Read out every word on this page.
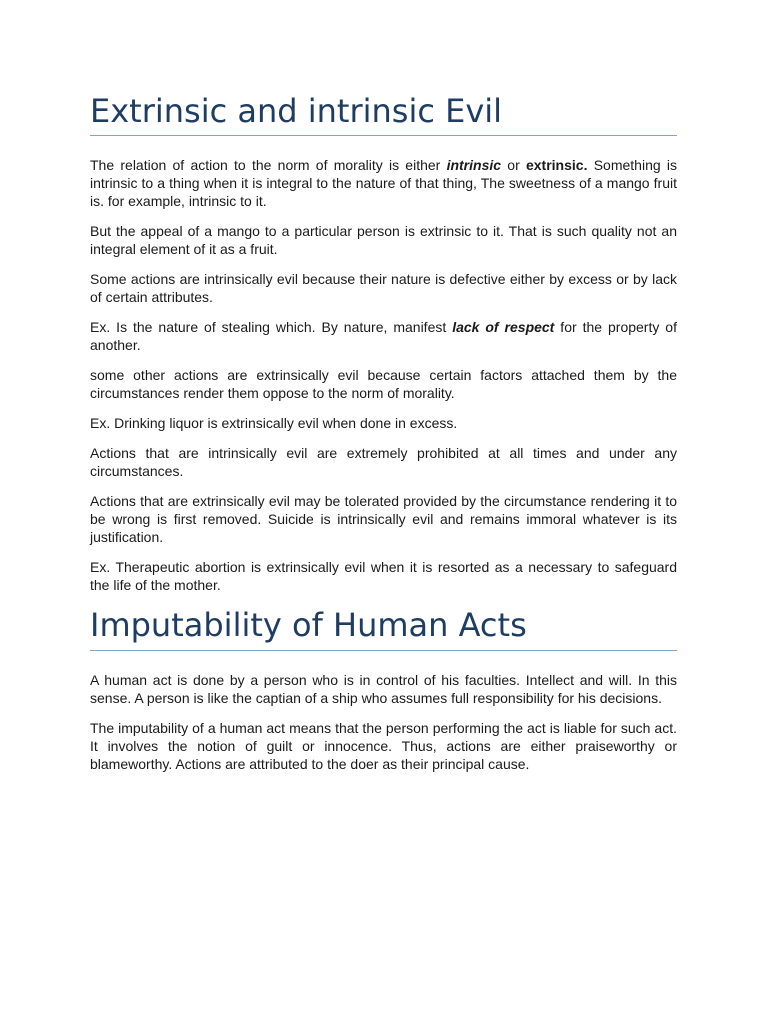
Extrinsic and intrinsic Evil

The relation of action to the norm of morality is either intrinsic or extrinsic. Something is intrinsic to a thing when it is integral to the nature of that thing, The sweetness of a mango fruit is. for example, intrinsic to it.

But the appeal of a mango to a particular person is extrinsic to it. That is such quality not an integral element of it as a fruit.

Some actions are intrinsically evil because their nature is defective either by excess or by lack of certain attributes.

Ex. Is the nature of stealing which. By nature, manifest lack of respect for the property of another.

some other actions are extrinsically evil because certain factors attached them by the circumstances render them oppose to the norm of morality.

Ex. Drinking liquor is extrinsically evil when done in excess.

Actions that are intrinsically evil are extremely prohibited at all times and under any circumstances.

Actions that are extrinsically evil may be tolerated provided by the circumstance rendering it to be wrong is first removed. Suicide is intrinsically evil and remains immoral whatever is its justification.

Ex. Therapeutic abortion is extrinsically evil when it is resorted as a necessary to safeguard the life of the mother.

Imputability of Human Acts

A human act is done by a person who is in control of his faculties. Intellect and will. In this sense. A person is like the captian of a ship who assumes full responsibility for his decisions.

The imputability of a human act means that the person performing the act is liable for such act. It involves the notion of guilt or innocence. Thus, actions are either praiseworthy or blameworthy. Actions are attributed to the doer as their principal cause.
